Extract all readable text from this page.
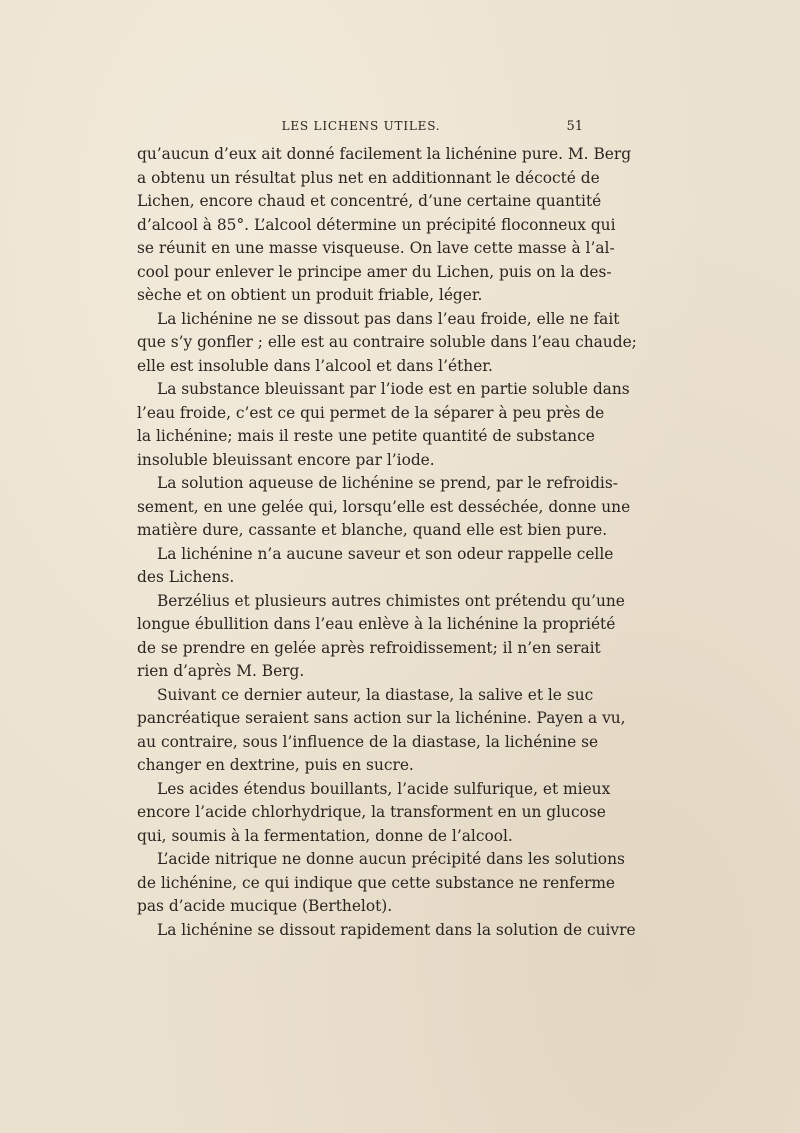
LES LICHENS UTILES.	51
qu’aucun d’eux ait donné facilement la lichénine pure. M. Berg
a obtenu un résultat plus net en additionnant le décocté de
Lichen, encore chaud et concentré, d’une certaine quantité
d’alcool à 85°. L’alcool détermine un précipité floconneux qui
se réunit en une masse visqueuse. On lave cette masse à l’al-
cool pour enlever le principe amer du Lichen, puis on la des-
sèche et on obtient un produit friable, léger.
La lichénine ne se dissout pas dans l’eau froide, elle ne fait
que s’y gonfler ; elle est au contraire soluble dans l’eau chaude;
elle est insoluble dans l’alcool et dans l’éther.
La substance bleuissant par l’iode est en partie soluble dans
l’eau froide, c’est ce qui permet de la séparer à peu près de
la lichénine; mais il reste une petite quantité de substance
insoluble bleuissant encore par l’iode.
La solution aqueuse de lichénine se prend, par le refroidis-
sement, en une gelée qui, lorsqu’elle est desséchée, donne une
matière dure, cassante et blanche, quand elle est bien pure.
La lichénine n’a aucune saveur et son odeur rappelle celle
des Lichens.
Berzélius et plusieurs autres chimistes ont prétendu qu’une
longue ébullition dans l’eau enlève à la lichénine la propriété
de se prendre en gelée après refroidissement; il n’en serait
rien d’après M. Berg.
Suivant ce dernier auteur, la diastase, la salive et le suc
pancréatique seraient sans action sur la lichénine. Payen a vu,
au contraire, sous l’influence de la diastase, la lichénine se
changer en dextrine, puis en sucre.
Les acides étendus bouillants, l’acide sulfurique, et mieux
encore l’acide chlorhydrique, la transforment en un glucose
qui, soumis à la fermentation, donne de l’alcool.
L’acide nitrique ne donne aucun précipité dans les solutions
de lichénine, ce qui indique que cette substance ne renferme
pas d’acide mucique (Berthelot).
La lichénine se dissout rapidement dans la solution de cuivre
